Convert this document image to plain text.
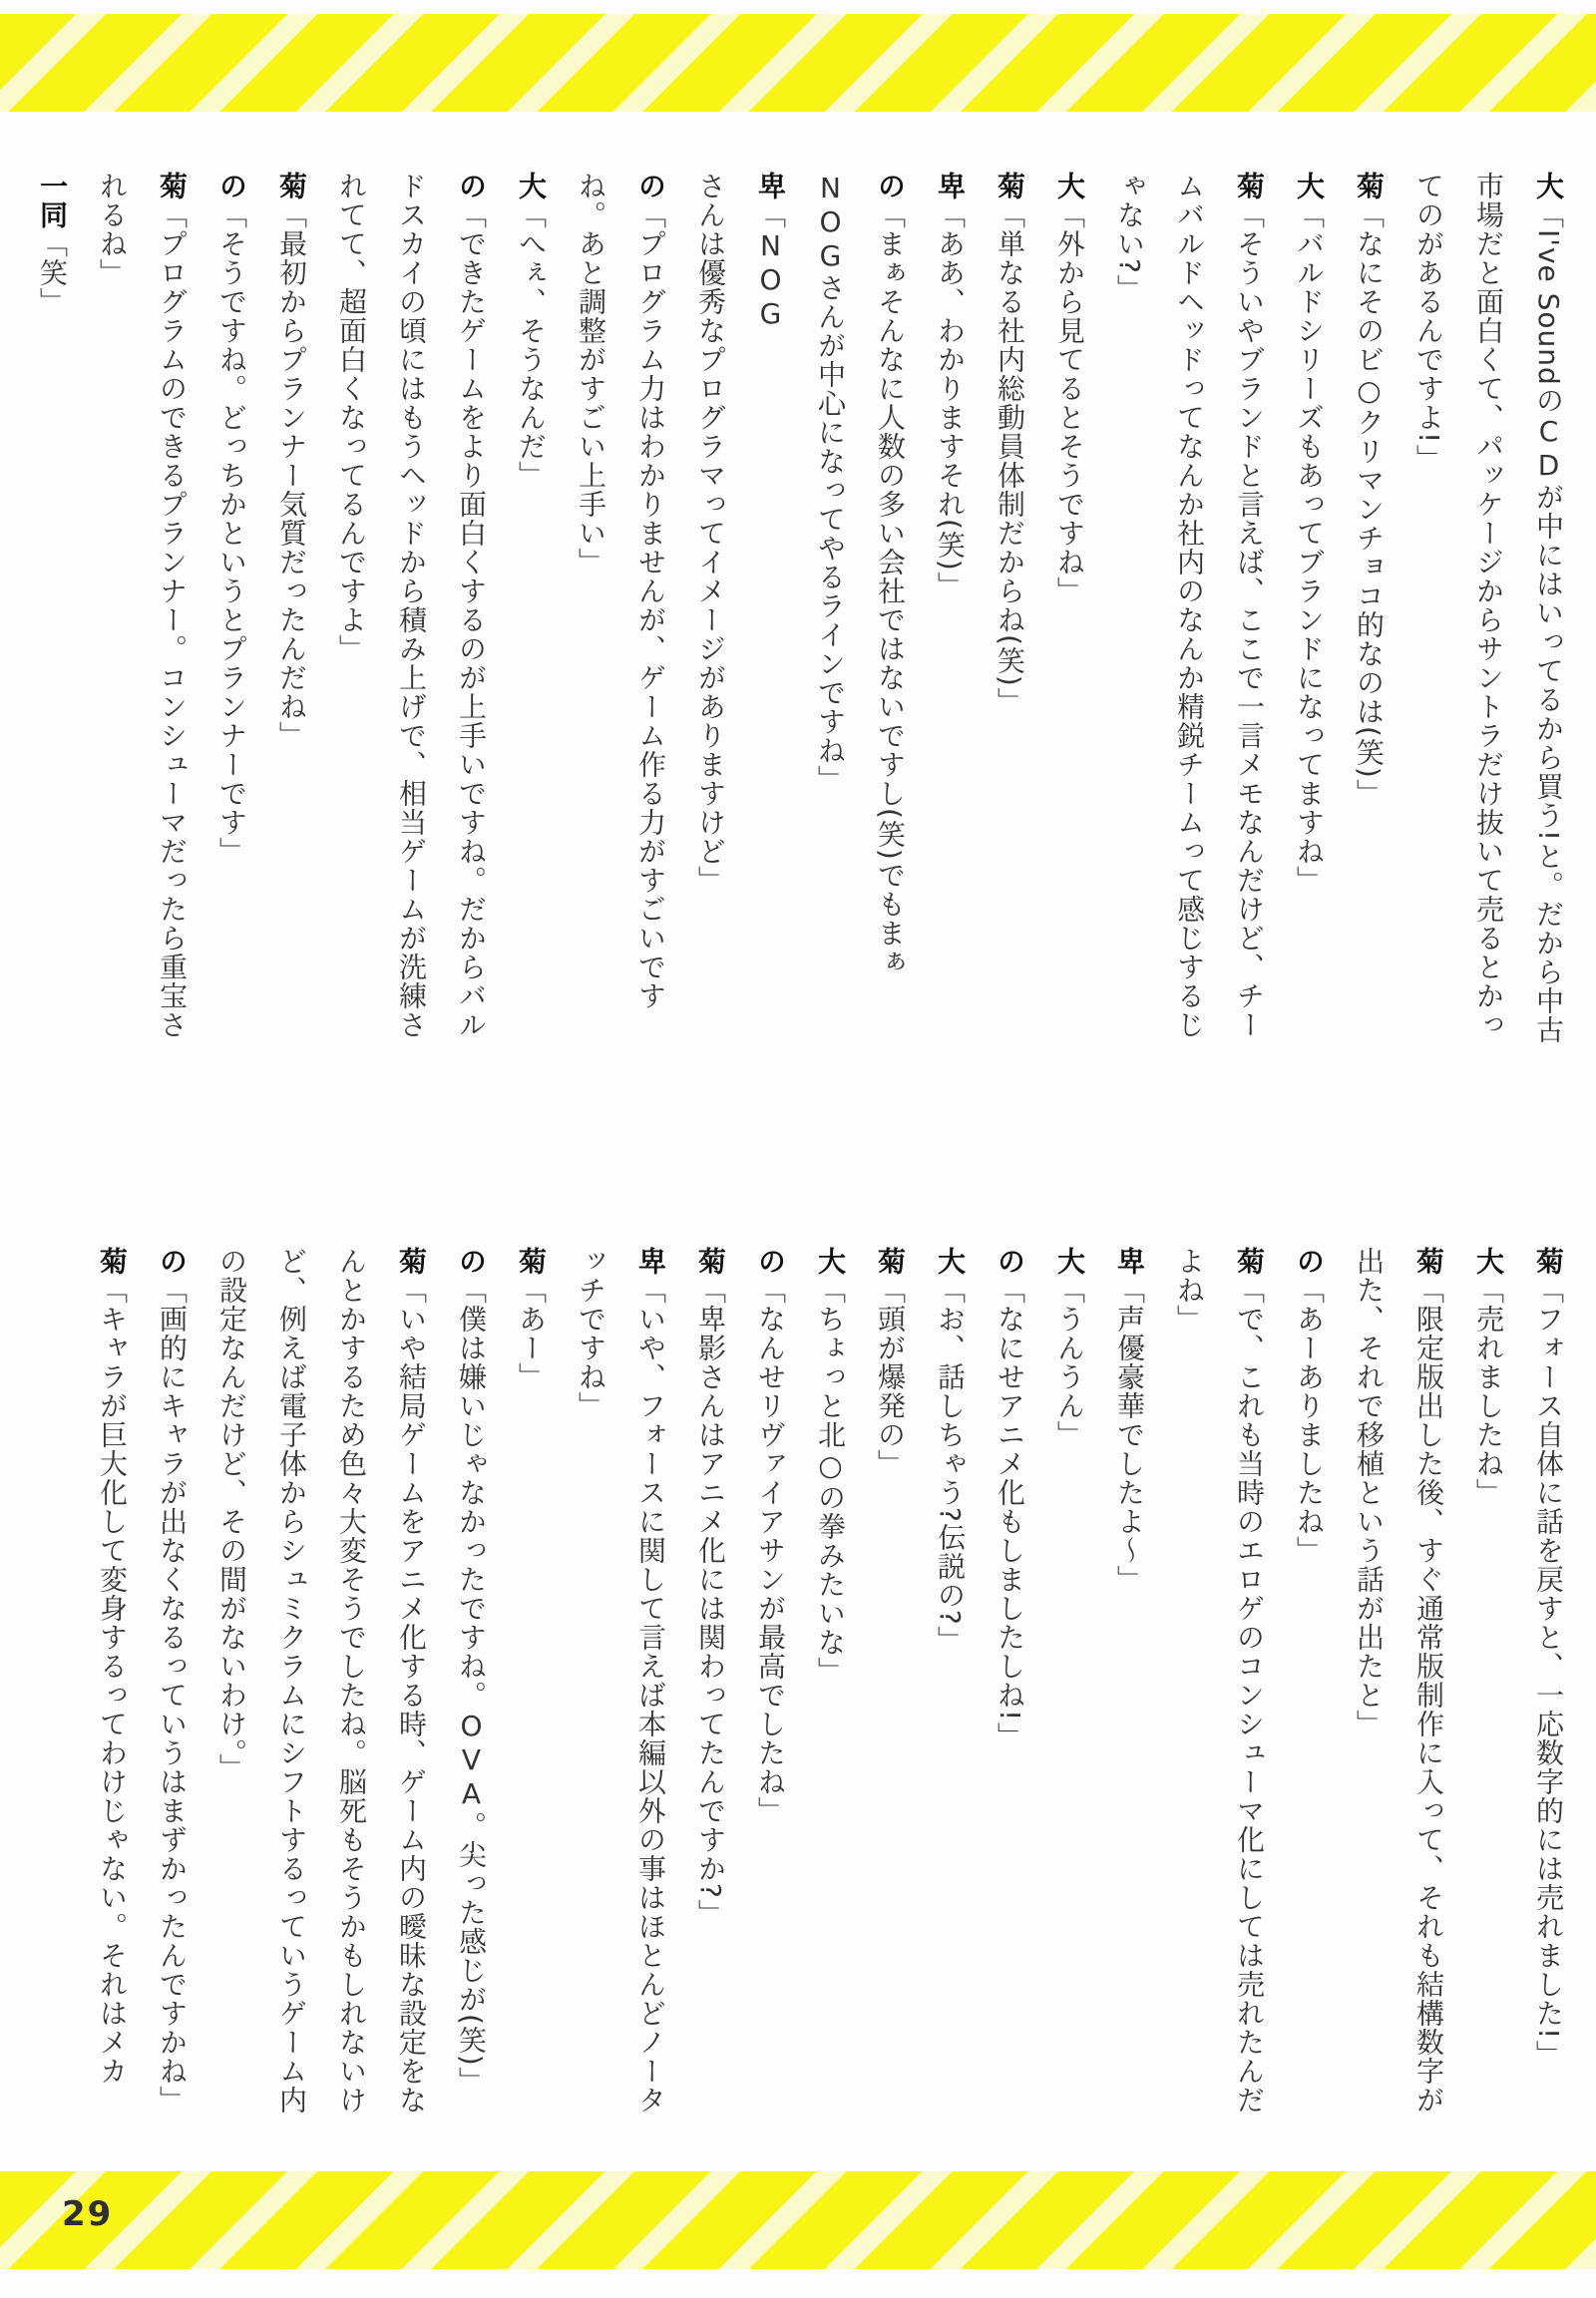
大「I've SoundのCDが中にはいってるから買う!と。だから中古市場だと面白くて、パッケージからサントラだけ抜いて売るとかってのがあるんですよ!」

菊「なにそのビ○クリマンチョコ的なのは(笑)」

大「バルドシリーズもあってブランドになってますね」

菊「そういやブランドと言えば、ここで一言メモなんだけど、チームバルドヘッドってなんか社内のなんか精鋭チームって感じするじゃない?」

大「外から見てるとそうですね」

菊「単なる社内総動員体制だからね(笑)」

卑「ああ、わかりますそれ(笑)」

の「まぁそんなに人数の多い会社ではないですし(笑)でもまぁNOGさんが中心になってやるラインですね」

卑「NOGさんは優秀なプログラマってイメージがありますけど」

の「プログラム力はわかりませんが、ゲーム作る力がすごいですね。あと調整がすごい上手い」

大「へぇ、そうなんだ」

の「できたゲームをより面白くするのが上手いですね。だからバルドスカイの頃にはもうヘッドから積み上げで、相当ゲームが洗練されてて、超面白くなってるんですよ」

菊「最初からプランナー気質だったんだね」

の「そうですね。どっちかというとプランナーです」

菊「プログラムのできるプランナー。コンシューマだったら重宝されるね」

一同「笑」

菊「フォース自体に話を戻すと、一応数字的には売れました!」

大「売れましたね」

菊「限定版出した後、すぐ通常版制作に入って、それも結構数字が出た、それで移植という話が出たと」

の「あーありましたね」

菊「で、これも当時のエロゲのコンシューマ化にしては売れたんだよね」

卑「声優豪華でしたよ〜」

大「うんうん」

の「なにせアニメ化もしましたしね!」

大「お、話しちゃう?伝説の?」

菊「頭が爆発の」

大「ちょっと北○の拳みたいな」

の「なんせリヴァイアサンが最高でしたね」

菊「卑影さんはアニメ化には関わってたんですか?」

卑「いや、フォースに関して言えば本編以外の事はほとんどノータッチですね」

菊「あー」

の「僕は嫌いじゃなかったですね。OVA。尖った感じが(笑)」

菊「いや結局ゲームをアニメ化する時、ゲーム内の曖昧な設定をなんとかするため色々大変そうでしたね。脳死もそうかもしれないけど、例えば電子体からシュミクラムにシフトするっていうゲーム内の設定なんだけど、その間がないわけ。」

の「画的にキャラが出なくなるっていうはまずかったんですかね」

菊「キャラが巨大化して変身するってわけじゃない。それはメカ

29
